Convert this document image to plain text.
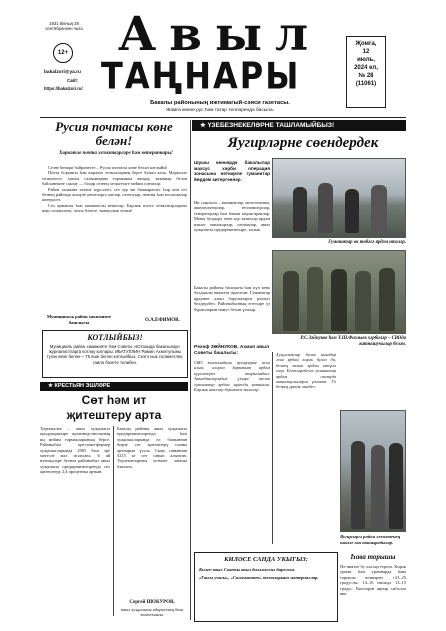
1931 йілның 28 сентябреннән чыга
12+
bakalzori@ya.ru
Сайт:
https://bakalzori.ru/
Авыл
ТАҢНАРЫ
Җомга,
12
июль,
2024 ел,
№ 28
(11061)
Бакалы районының ижтимагый-сәяси газетасы.
Жәмга көнне рус һәм татар телләрендә басыла.
Русия почтасы көне белән!
Хөрмәтле почта хезмәткәрләре һәм ветераннары!

Сезне һөнәри бәйрәмегез – Русия почтасы көне белән котлыйм!

Почта борынгы һәм кирәкле хезмәтләрнең берсе булып кала. Мәрвәлле хезмәтегез, хаклы салымнарны тормышка ашыру, якыннар белән бәйләнешне саклау — болар сезнең хезмәттәге мөһим өлешләр.

Район халкына хезмәт күрсәтеп, сез зур эш башкарасыз. Һәр көн сез безнең районда яшәүче кешеләргә хатлар, газеталар, пенсия һәм посылкалар китерәсез.

Сез җаваплы һәм ышанычлы кешеләр. Барлык почта хезмәткәрләренә нык сәламәтлек, гаилә бәхете, тынычлык телим!

Муниципаль район хакимияте башлыгы	О.А.ЕФИМОВ.
КОТЛЫЙБЫЗ!
Мунициаль район хакимияте һәм Советы «Ютазыда бакалылар» журналистларга котлау юллары: ИБАТУЛЛИН Рамил Ахмәтулыны туган көне белән – 75 яше белән котлыйбыз. Сезгә нык сәламәтлек, гаилә бәхете телибез.
★ КРЕСТЬЯН ЭШЛӘРЕ
Сөт һәм ит
җитештеру арта
Терекмәлек – авыл хуҗалыгы продукцияләре производствосының иң мөһим тармакларының берсе. Районыбыз крестьян-фермер хуҗалыкларында 2965 баш эре мөгезле мал исәпләнә. 6 ай нәтиҗәләре буенча районыбыз авыл хуҗалыгы предприятиеләрендә сөт җитештерү 2,4 процентка арткан.
Бакалы районы авыл хуҗалыгы предприятиеләрендә һәм хуҗалыкларында ел башыннан бирле сөт җитештерү планы арттырып үтәлә. Сыер саныннан 5215 кг сөт савып алынган. Терлекчеләрнең хезмәте лаеклы бәяләнә.
Сергей ШОКУРОВ,
авыл хуҗалыгы идарәсенең баш зоотехнигы.
★ ҮЗЕБЕЗНЕКЕЛӘРНЕ ТАШЛАМЫЙБЫЗ!
Яугирләрне сөендердек
Шушы көннәрдә бакалылар махсус хәрби операция зонасына нәтиҗәле гуманитар йөрдәм китергәннәр.
Ин соңгысы – машиналар, мототехника, аккумуляторлар, тепловизорлар, генераторлар һәм башка кирәк-яраклар. Моны булдыру өчен күп кешеләр ярдәм иткән: эшмәкәрләр, оешмалар, авыл хуҗалыгы предприятиеләре, халык.
Бакалы районы башлыгы һәм күп кенә булдыклы вакытта җыелган. Гуманитар ярдәмне алып баручыларга рәхмәт белдерәбез. Районыбызның егетләре үз бурычларын намус белән үтиләр.
Гуманитар ок төбәгә ярдәм итәләр.
Р.С.Зәйнуков һәм Т.Ш.Фазлыев хәрбиләр – СВОда катнашучылар белән.
Рәхәф ЗӘЙНУКОВ, Ахмап авыл Советы башлыгы:
СВО зонасындагы яугирләрне искә алып, аларга һәрвакыт ярдәм күрсәтергә тырышабыз. Авылдашларыбыз үзләре теләп гуманитар ярдәм җыюда катнаша. Барлык аваллар берләшеп эшлиләр.
Хуҗалыклар белән никадәр генә ярдәм кирәк булса да, безнең халык ярдәм итергә әзер. Егетләребезгә гуманитар ярдәм озатуда катнашучыларга рәхмәт. Ул безнең уртак эшебез.
Яугирләргә район хезмәтенең вәкиле ган ташырадылар.
КИЛӘСЕ САНДА УКЫГЫЗ:
Килеп авыл Советы авыл биләмәсенә бирелгән.
«Гаилә учагы», «Саламәттек» темаларына материаллар.
Һава торышы
Ял-ниятле бу хәлләр терелә. Кирәк урман һәм урамнарда һава торышы көннәрен +23–25 градуслы. 14–16 июльдә 13–15 градус. Кичләрен яңгыр сибәләп ява.
